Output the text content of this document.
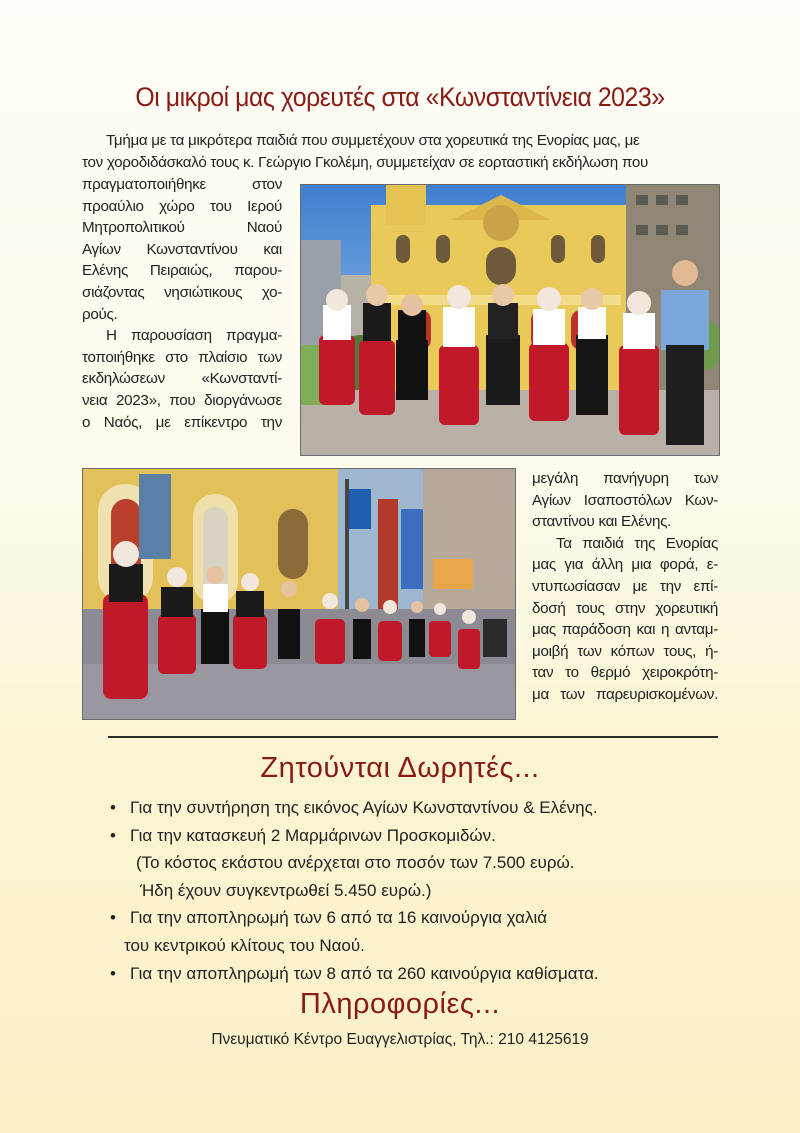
Οι μικροί μας χορευτές στα «Κωνσταντίνεια 2023»

Τμήμα με τα μικρότερα παιδιά που συμμετέχουν στα χορευτικά της Ενορίας μας, με

τον χοροδιδάσκαλό τους κ. Γεώργιο Γκολέμη, συμμετείχαν σε εορταστική εκδήλωση που

πραγματοποιήθηκε στον

προαύλιο χώρο του Ιερού

Μητροπολιτικού Ναού

Αγίων Κωνσταντίνου και

Ελένης Πειραιώς, παρου-

σιάζοντας νησιώτικους χο-

ρούς.

Η παρουσίαση πραγμα-

τοποιήθηκε στο πλαίσιο των

εκδηλώσεων «Κωνσταντί-

νεια 2023», που διοργάνωσε

ο Ναός, με επίκεντρο την

μεγάλη πανήγυρη των

Αγίων Ισαποστόλων Κων-

σταντίνου και Ελένης.

Τα παιδιά της Ενορίας

μας για άλλη μια φορά, ε-

ντυπωσίασαν με την επί-

δοσή τους στην χορευτική

μας παράδοση και η ανταμ-

μοιβή των κόπων τους, ή-

ταν το θερμό χειροκρότη-

μα των παρευρισκομένων.

Ζητούνται Δωρητές...
• Για την συντήρηση της εικόνος Αγίων Κωνσταντίνου & Ελένης.
• Για την κατασκευή 2 Μαρμάρινων Προσκομιδών.
(Το κόστος εκάστου ανέρχεται στο ποσόν των 7.500 ευρώ.
Ήδη έχουν συγκεντρωθεί 5.450 ευρώ.)
• Για την αποπληρωμή των 6 από τα 16 καινούργια χαλιά
του κεντρικού κλίτους του Ναού.
• Για την αποπληρωμή των 8 από τα 260 καινούργια καθίσματα.
Πληροφορίες...
Πνευματικό Κέντρο Ευαγγελιστρίας, Τηλ.: 210 4125619
